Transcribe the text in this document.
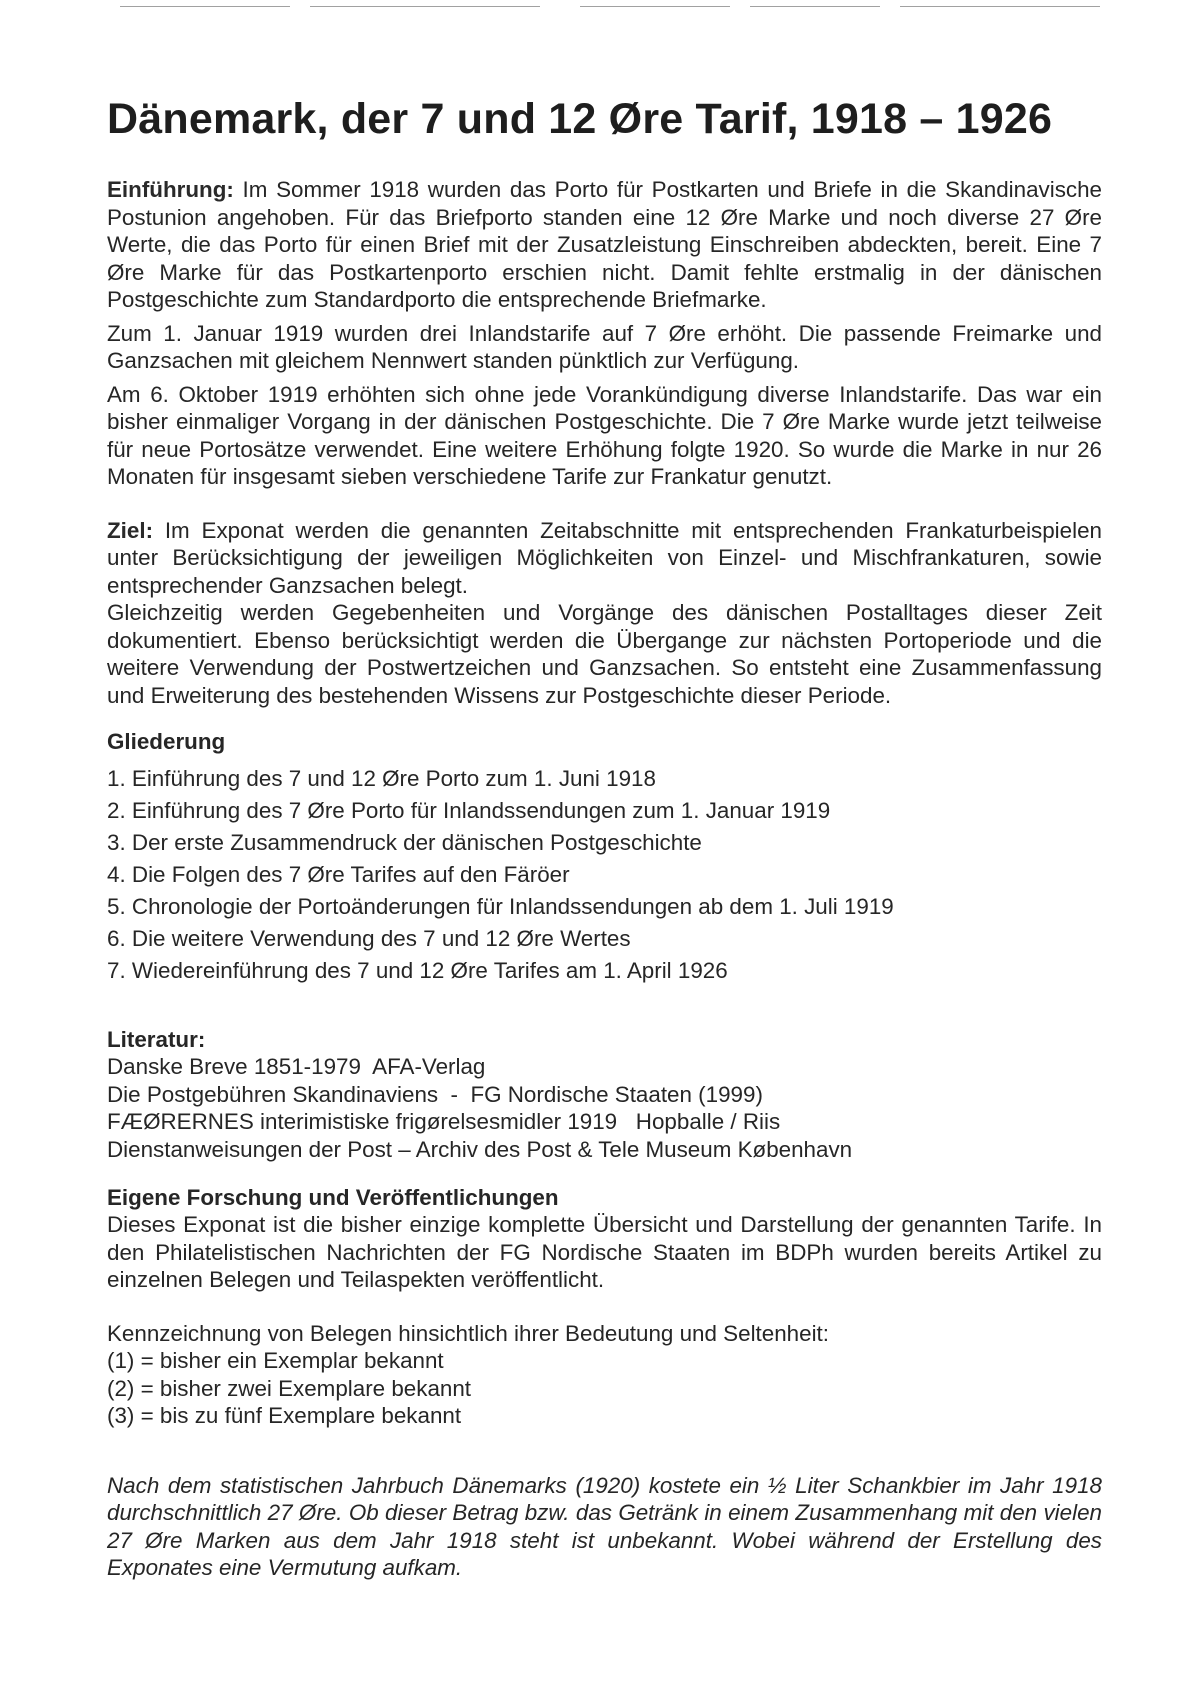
Dänemark, der 7 und 12 Øre Tarif, 1918 – 1926

Einführung: Im Sommer 1918 wurden das Porto für Postkarten und Briefe in die Skandinavische Postunion angehoben. Für das Briefporto standen eine 12 Øre Marke und noch diverse 27 Øre Werte, die das Porto für einen Brief mit der Zusatzleistung Einschreiben abdeckten, bereit. Eine 7 Øre Marke für das Postkartenporto erschien nicht. Damit fehlte erstmalig in der dänischen Postgeschichte zum Standardporto die entsprechende Briefmarke.

Zum 1. Januar 1919 wurden drei Inlandstarife auf 7 Øre erhöht. Die passende Freimarke und Ganzsachen mit gleichem Nennwert standen pünktlich zur Verfügung.

Am 6. Oktober 1919 erhöhten sich ohne jede Vorankündigung diverse Inlandstarife. Das war ein bisher einmaliger Vorgang in der dänischen Postgeschichte. Die 7 Øre Marke wurde jetzt teilweise für neue Portosätze verwendet. Eine weitere Erhöhung folgte 1920. So wurde die Marke in nur 26 Monaten für insgesamt sieben verschiedene Tarife zur Frankatur genutzt.

Ziel: Im Exponat werden die genannten Zeitabschnitte mit entsprechenden Frankaturbeispielen unter Berücksichtigung der jeweiligen Möglichkeiten von Einzel- und Mischfrankaturen, sowie entsprechender Ganzsachen belegt.

Gleichzeitig werden Gegebenheiten und Vorgänge des dänischen Postalltages dieser Zeit dokumentiert. Ebenso berücksichtigt werden die Übergange zur nächsten Portoperiode und die weitere Verwendung der Postwertzeichen und Ganzsachen. So entsteht eine Zusammenfassung und Erweiterung des bestehenden Wissens zur Postgeschichte dieser Periode.

Gliederung
1. Einführung des 7 und 12 Øre Porto zum 1. Juni 1918
2. Einführung des 7 Øre Porto für Inlandssendungen zum 1. Januar 1919
3. Der erste Zusammendruck der dänischen Postgeschichte
4. Die Folgen des 7 Øre Tarifes auf den Färöer
5. Chronologie der Portoänderungen für Inlandssendungen ab dem 1. Juli 1919
6. Die weitere Verwendung des 7 und 12 Øre Wertes
7. Wiedereinführung des 7 und 12 Øre Tarifes am 1. April 1926
Literatur:
Danske Breve 1851-1979  AFA-Verlag
Die Postgebühren Skandinaviens  -  FG Nordische Staaten (1999)
FÆØRERNES interimistiske frigørelsesmidler 1919   Hopballe / Riis
Dienstanweisungen der Post – Archiv des Post & Tele Museum København
Eigene Forschung und Veröffentlichungen

Dieses Exponat ist die bisher einzige komplette Übersicht und Darstellung der genannten Tarife. In den Philatelistischen Nachrichten der FG Nordische Staaten im BDPh wurden bereits Artikel zu einzelnen Belegen und Teilaspekten veröffentlicht.

Kennzeichnung von Belegen hinsichtlich ihrer Bedeutung und Seltenheit:
(1) = bisher ein Exemplar bekannt
(2) = bisher zwei Exemplare bekannt
(3) = bis zu fünf Exemplare bekannt

Nach dem statistischen Jahrbuch Dänemarks (1920) kostete ein ½ Liter Schankbier im Jahr 1918 durchschnittlich 27 Øre. Ob dieser Betrag bzw. das Getränk in einem Zusammenhang mit den vielen 27 Øre Marken aus dem Jahr 1918 steht ist unbekannt. Wobei während der Erstellung des Exponates eine Vermutung aufkam.
